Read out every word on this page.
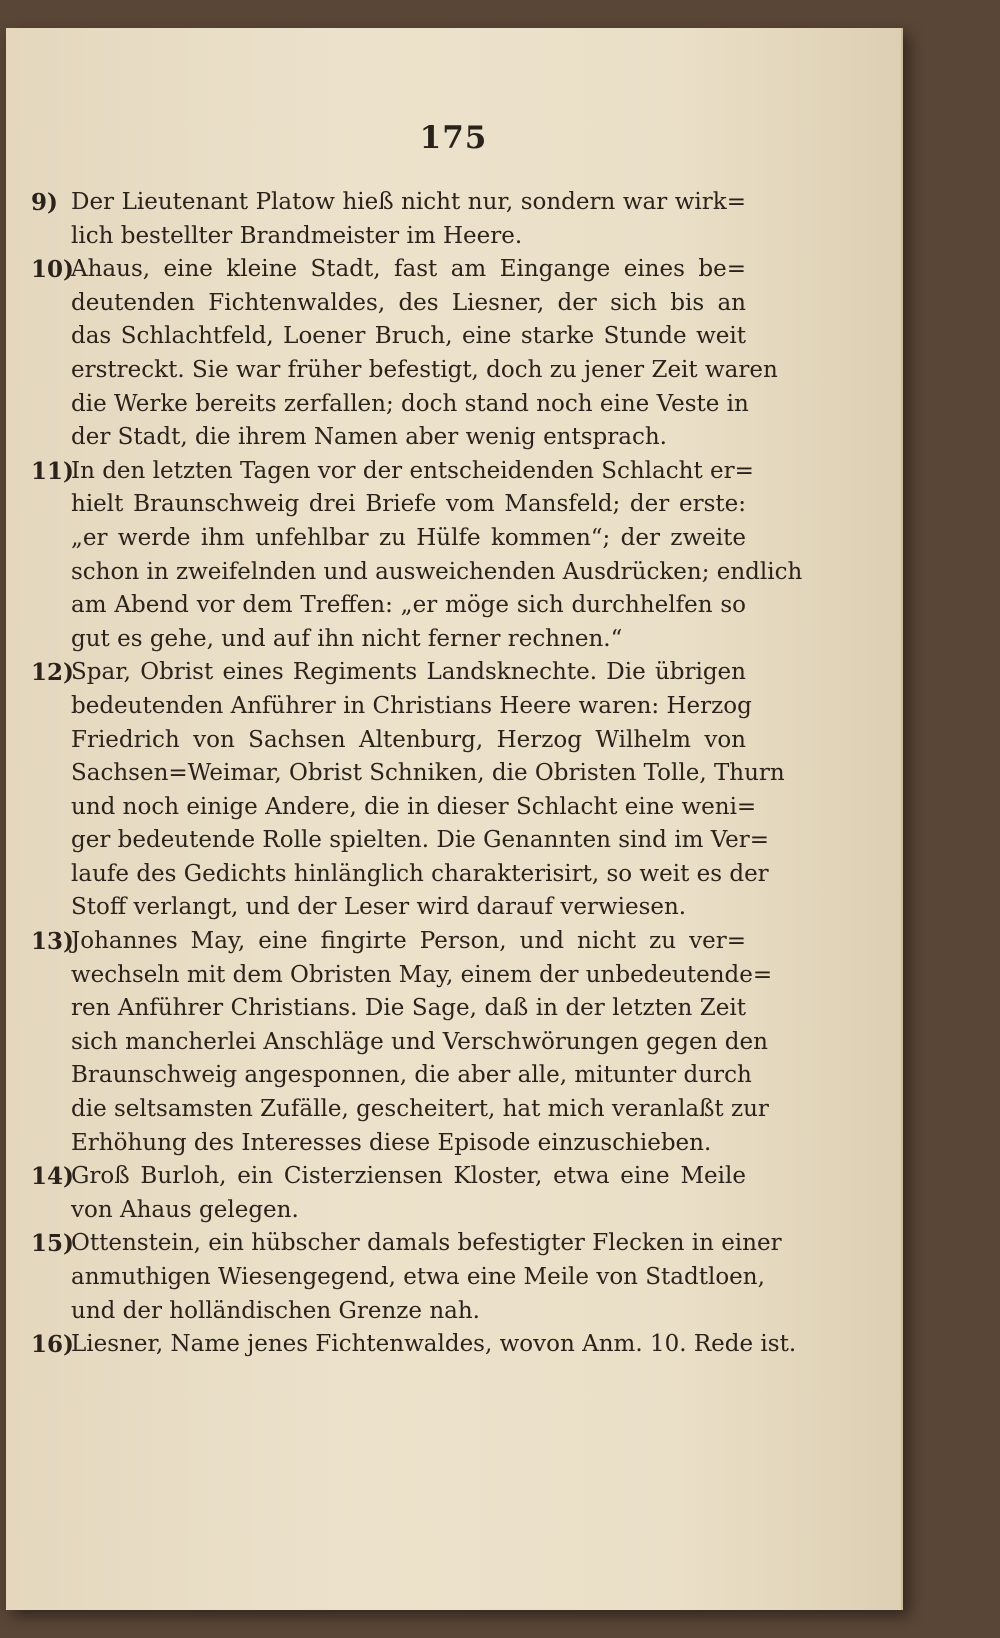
175
9) Der Lieutenant Platow hieß nicht nur, sondern war wirk=
lich bestellter Brandmeister im Heere.
10)
Ahaus, eine kleine Stadt, fast am Eingange eines be=
deutenden Fichtenwaldes, des Liesner, der sich bis an
das Schlachtfeld, Loener Bruch, eine starke Stunde weit
erstreckt. Sie war früher befestigt, doch zu jener Zeit waren
die Werke bereits zerfallen; doch stand noch eine Veste in
der Stadt, die ihrem Namen aber wenig entsprach.
11)
In den letzten Tagen vor der entscheidenden Schlacht er=
hielt Braunschweig drei Briefe vom Mansfeld; der erste:
„er werde ihm unfehlbar zu Hülfe kommen“; der zweite
schon in zweifelnden und ausweichenden Ausdrücken; endlich
am Abend vor dem Treffen: „er möge sich durchhelfen so
gut es gehe, und auf ihn nicht ferner rechnen.“
12)
Spar, Obrist eines Regiments Landsknechte. Die übrigen
bedeutenden Anführer in Christians Heere waren: Herzog
Friedrich von Sachsen Altenburg, Herzog Wilhelm von
Sachsen=Weimar, Obrist Schniken, die Obristen Tolle, Thurn
und noch einige Andere, die in dieser Schlacht eine weni=
ger bedeutende Rolle spielten. Die Genannten sind im Ver=
laufe des Gedichts hinlänglich charakterisirt, so weit es der
Stoff verlangt, und der Leser wird darauf verwiesen.
13)
Johannes May, eine fingirte Person, und nicht zu ver=
wechseln mit dem Obristen May, einem der unbedeutende=
ren Anführer Christians. Die Sage, daß in der letzten Zeit
sich mancherlei Anschläge und Verschwörungen gegen den
Braunschweig angesponnen, die aber alle, mitunter durch
die seltsamsten Zufälle, gescheitert, hat mich veranlaßt zur
Erhöhung des Interesses diese Episode einzuschieben.
14)
Groß Burloh, ein Cisterziensen Kloster, etwa eine Meile
von Ahaus gelegen.
15)
Ottenstein, ein hübscher damals befestigter Flecken in einer
anmuthigen Wiesengegend, etwa eine Meile von Stadtloen,
und der holländischen Grenze nah.
16)
Liesner, Name jenes Fichtenwaldes, wovon Anm. 10. Rede ist.
